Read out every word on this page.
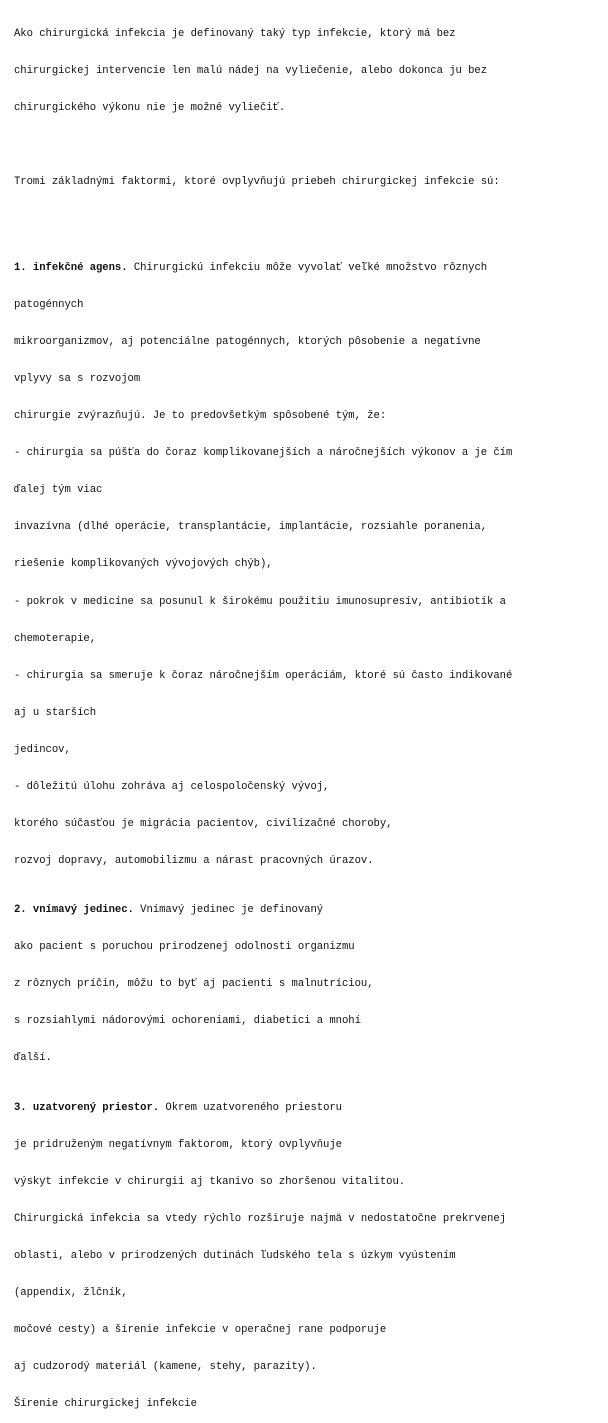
Ako chirurgická infekcia je definovaný taký typ infekcie, ktorý má bez

chirurgickej intervencie len malú nádej na vyliečenie, alebo dokonca ju bez

chirurgického výkonu nie je možné vyliečiť.

Tromi základnými faktormi, ktoré ovplyvňujú priebeh chirurgickej infekcie sú:

1. infekčné agens. Chirurgickú infekciu môže vyvolať veľké množstvo rôznych

patogénnych

mikroorganizmov, aj potenciálne patogénnych, ktorých pôsobenie a negatívne

vplyvy sa s rozvojom

chirurgie zvýrazňujú. Je to predovšetkým spôsobené tým, že:

- chirurgia sa púšťa do čoraz komplikovanejších a náročnejších výkonov a je čím

ďalej tým viac

invazívna (dlhé operácie, transplantácie, implantácie, rozsiahle poranenia,

riešenie komplikovaných vývojových chýb),

- pokrok v medicíne sa posunul k širokému použitiu imunosupresív, antibiotík a

chemoterapie,

- chirurgia sa smeruje k čoraz náročnejším operáciám, ktoré sú často indikované

aj u starších

jedincov,

- dôležitú úlohu zohráva aj celospoločenský vývoj,

ktorého súčasťou je migrácia pacientov, civilizačné choroby,

rozvoj dopravy, automobilizmu a nárast pracovných úrazov.

2. vnímavý jedinec. Vnímavý jedinec je definovaný

ako pacient s poruchou prirodzenej odolnosti organizmu

z rôznych príčin, môžu to byť aj pacienti s malnutríciou,

s rozsiahlymi nádorovými ochoreniami, diabetici a mnohí

ďalší.

3. uzatvorený priestor. Okrem uzatvoreného priestoru

je pridruženým negatívnym faktorom, ktorý ovplyvňuje

výskyt infekcie v chirurgii aj tkanivo so zhoršenou vitalitou.

Chirurgická infekcia sa vtedy rýchlo rozširuje najmä v nedostatočne prekrvenej

oblasti, alebo v prirodzených dutinách ľudského tela s úzkym vyústením

(appendix, žlčník,

močové cesty) a šírenie infekcie v operačnej rane podporuje

aj cudzorodý materiál (kamene, stehy, parazity).

Šírenie chirurgickej infekcie
